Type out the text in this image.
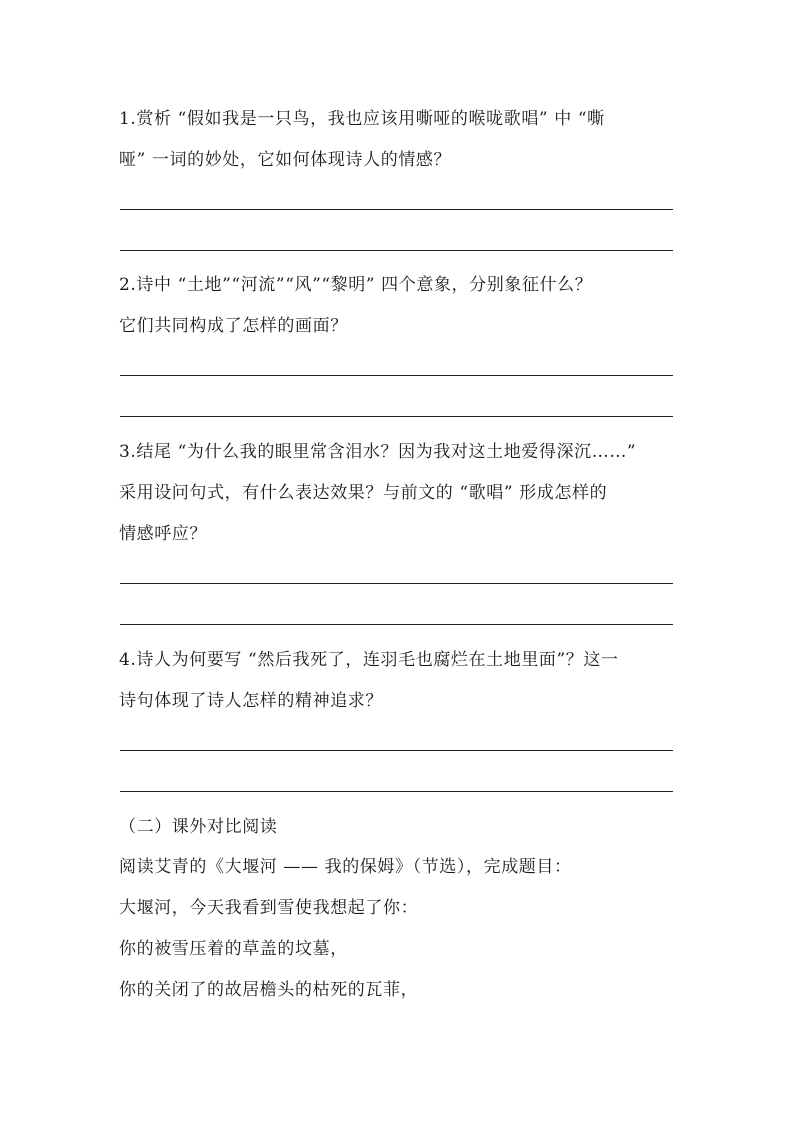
1.赏析 “假如我是一只鸟，我也应该用嘶哑的喉咙歌唱” 中 “嘶
哑” 一词的妙处，它如何体现诗人的情感？
2.诗中 “土地”“河流”“风”“黎明” 四个意象，分别象征什么？
它们共同构成了怎样的画面？
3.结尾 “为什么我的眼里常含泪水？因为我对这土地爱得深沉……”
采用设问句式，有什么表达效果？与前文的 “歌唱” 形成怎样的
情感呼应？
4.诗人为何要写 “然后我死了，连羽毛也腐烂在土地里面”？这一
诗句体现了诗人怎样的精神追求？
（二）课外对比阅读
阅读艾青的《大堰河 —— 我的保姆》（节选），完成题目：
大堰河，今天我看到雪使我想起了你：
你的被雪压着的草盖的坟墓，
你的关闭了的故居檐头的枯死的瓦菲，
